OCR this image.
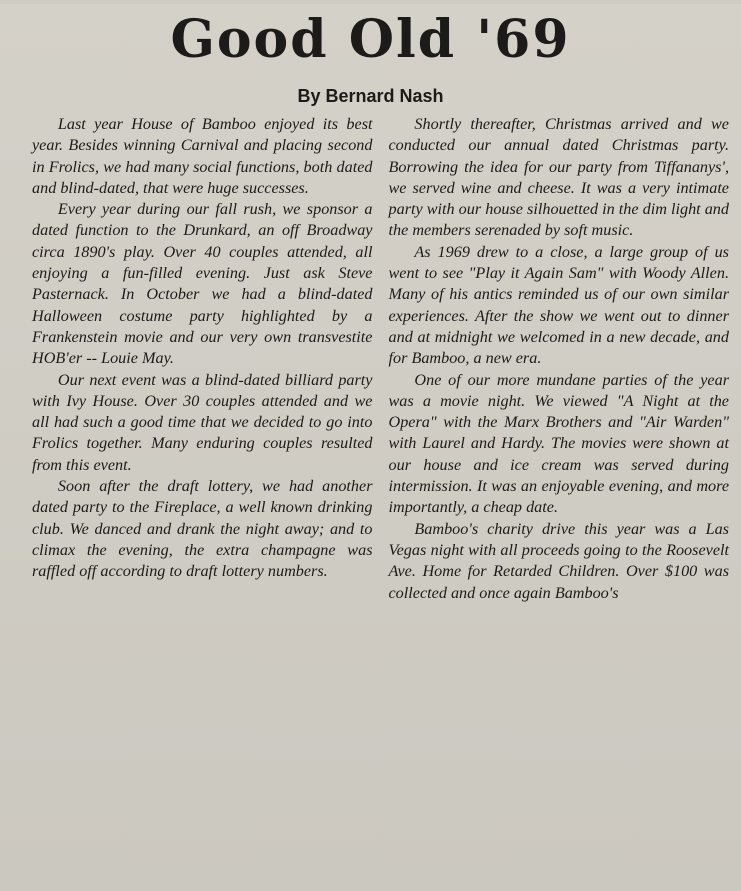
Good Old '69
By Bernard Nash

Last year House of Bamboo enjoyed its best year. Besides winning Carnival and placing second in Frolics, we had many social functions, both dated and blind-dated, that were huge successes.

Every year during our fall rush, we sponsor a dated function to the Drunkard, an off Broadway circa 1890's play. Over 40 couples attended, all enjoying a fun-filled evening. Just ask Steve Pasternack. In October we had a blind-dated Halloween costume party highlighted by a Frankenstein movie and our very own transvestite HOB'er -- Louie May.

Our next event was a blind-dated billiard party with Ivy House. Over 30 couples attended and we all had such a good time that we decided to go into Frolics together. Many enduring couples resulted from this event.

Soon after the draft lottery, we had another dated party to the Fireplace, a well known drinking club. We danced and drank the night away; and to climax the evening, the extra champagne was raffled off according to draft lottery numbers.

Shortly thereafter, Christmas arrived and we conducted our annual dated Christmas party. Borrowing the idea for our party from Tiffananys', we served wine and cheese. It was a very intimate party with our house silhouetted in the dim light and the members serenaded by soft music.

As 1969 drew to a close, a large group of us went to see "Play it Again Sam" with Woody Allen. Many of his antics reminded us of our own similar experiences. After the show we went out to dinner and at midnight we welcomed in a new decade, and for Bamboo, a new era.

One of our more mundane parties of the year was a movie night. We viewed "A Night at the Opera" with the Marx Brothers and "Air Warden" with Laurel and Hardy. The movies were shown at our house and ice cream was served during intermission. It was an enjoyable evening, and more importantly, a cheap date.

Bamboo's charity drive this year was a Las Vegas night with all proceeds going to the Roosevelt Ave. Home for Retarded Children. Over $100 was collected and once again Bamboo's
